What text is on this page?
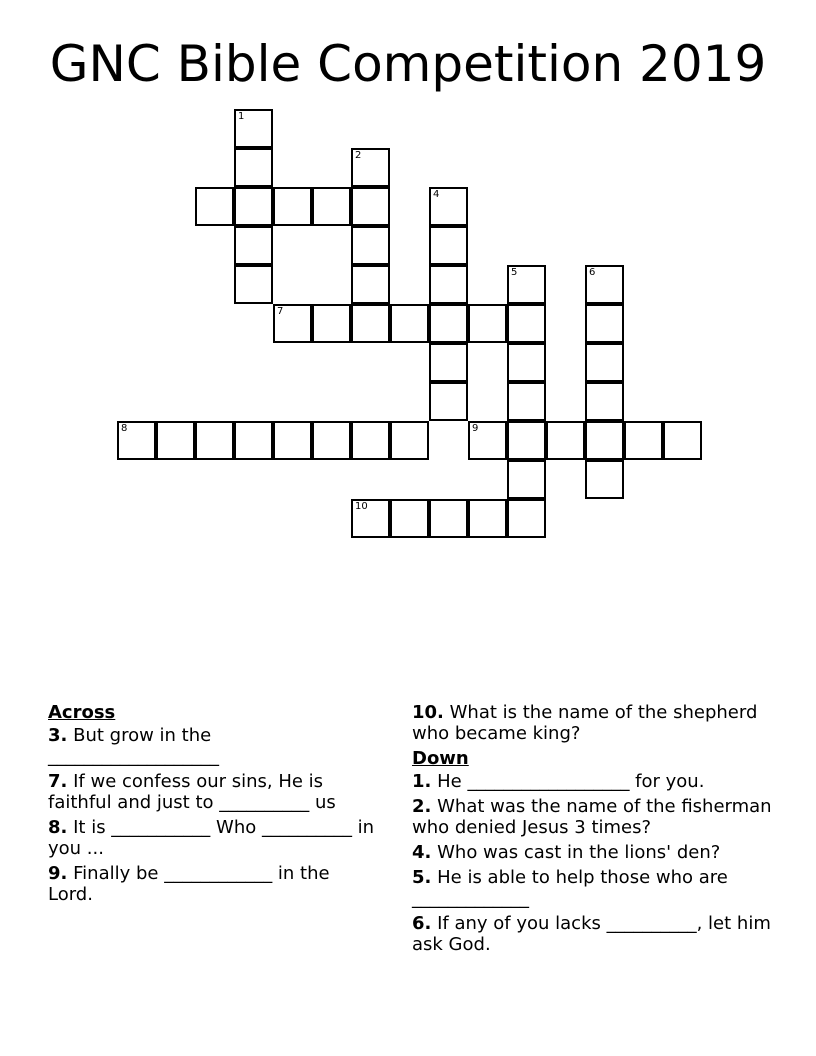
GNC Bible Competition 2019
1
2
4
7
5	6
8	9
10
Across
3. But grow in the ___________________
7. If we confess our sins, He is faithful and just to __________ us
8. It is ___________ Who __________ in you ...
9. Finally be ____________ in the Lord.
10. What is the name of the shepherd who became king?
Down
1. He __________________ for you.
2. What was the name of the fisherman who denied Jesus 3 times?
4. Who was cast in the lions' den?
5. He is able to help those who are _____________
6. If any of you lacks __________, let him ask God.
